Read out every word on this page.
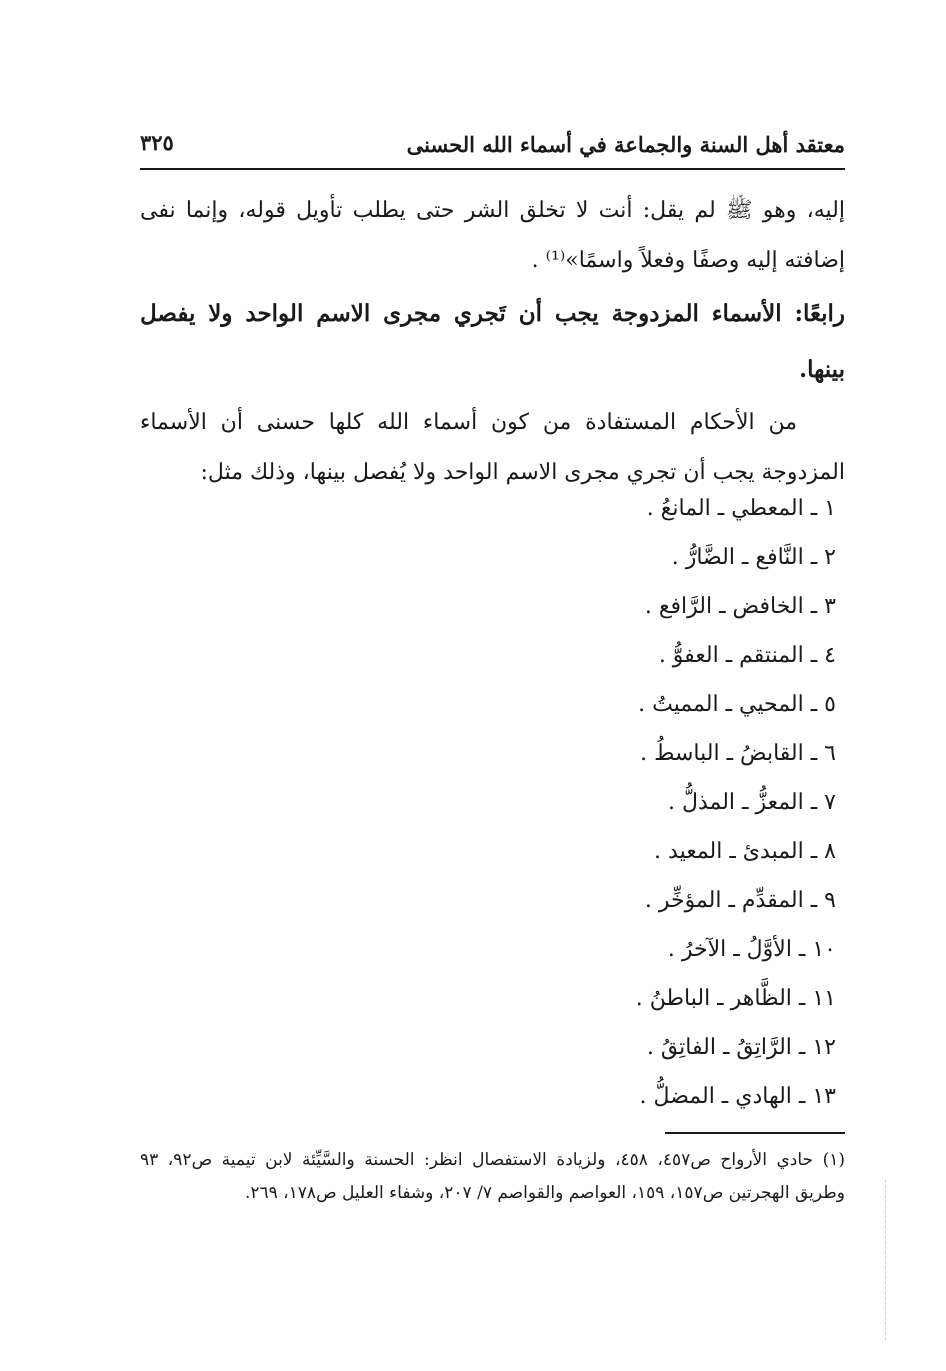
معتقد أهل السنة والجماعة في أسماء الله الحسنى
٣٢٥

إليه، وهو ﷺ لم يقل: أنت لا تخلق الشر حتى يطلب تأويل قوله، وإنما نفى إضافته إليه وصفًا وفعلاً واسمًا»⁽¹⁾ .

رابعًا: الأسماء المزدوجة يجب أن تَجري مجرى الاسم الواحد ولا يفصل بينها.

من الأحكام المستفادة من كون أسماء الله كلها حسنى أن الأسماء المزدوجة يجب أن تجري مجرى الاسم الواحد ولا يُفصل بينها، وذلك مثل:

١ ـ المعطي ـ المانعُ .
٢ ـ النَّافع ـ الضَّارُّ .
٣ ـ الخافض ـ الرَّافع .
٤ ـ المنتقم ـ العفوُّ .
٥ ـ المحيي ـ المميتُ .
٦ ـ القابضُ ـ الباسطُ .
٧ ـ المعزُّ ـ المذلُّ .
٨ ـ المبدئ ـ المعيد .
٩ ـ المقدِّم ـ المؤخِّر .
١٠ ـ الأوَّلُ ـ الآخرُ .
١١ ـ الظَّاهر ـ الباطنُ .
١٢ ـ الرَّاتِقُ ـ الفاتِقُ .
١٣ ـ الهادي ـ المضلُّ .

(١) حادي الأرواح ص٤٥٧، ٤٥٨، ولزيادة الاستفصال انظر: الحسنة والسَّيِّئة لابن تيمية ص٩٢، ٩٣ وطريق الهجرتين ص١٥٧، ١٥٩، العواصم والقواصم ٧/ ٢٠٧، وشفاء العليل ص١٧٨، ٢٦٩.
